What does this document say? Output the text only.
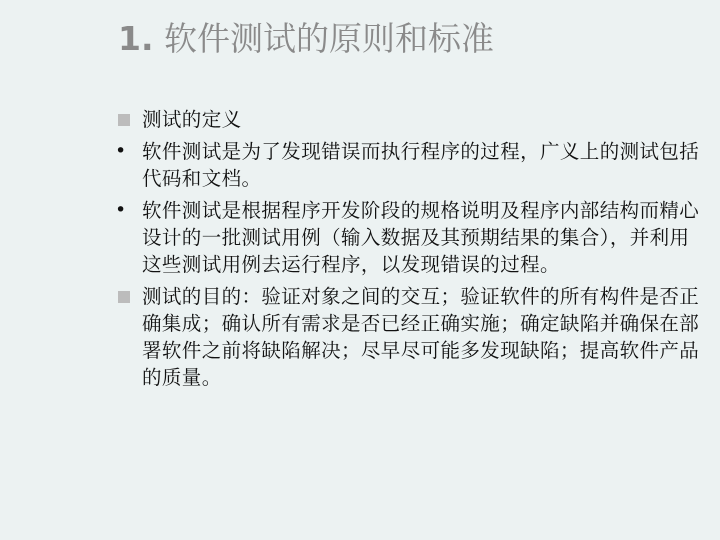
1. 软件测试的原则和标准
测试的定义
• 软件测试是为了发现错误而执行程序的过程，广义上的测试包括代码和文档。
• 软件测试是根据程序开发阶段的规格说明及程序内部结构而精心设计的一批测试用例（输入数据及其预期结果的集合），并利用这些测试用例去运行程序，以发现错误的过程。
测试的目的：验证对象之间的交互；验证软件的所有构件是否正确集成；确认所有需求是否已经正确实施；确定缺陷并确保在部署软件之前将缺陷解决；尽早尽可能多发现缺陷；提高软件产品的质量。
